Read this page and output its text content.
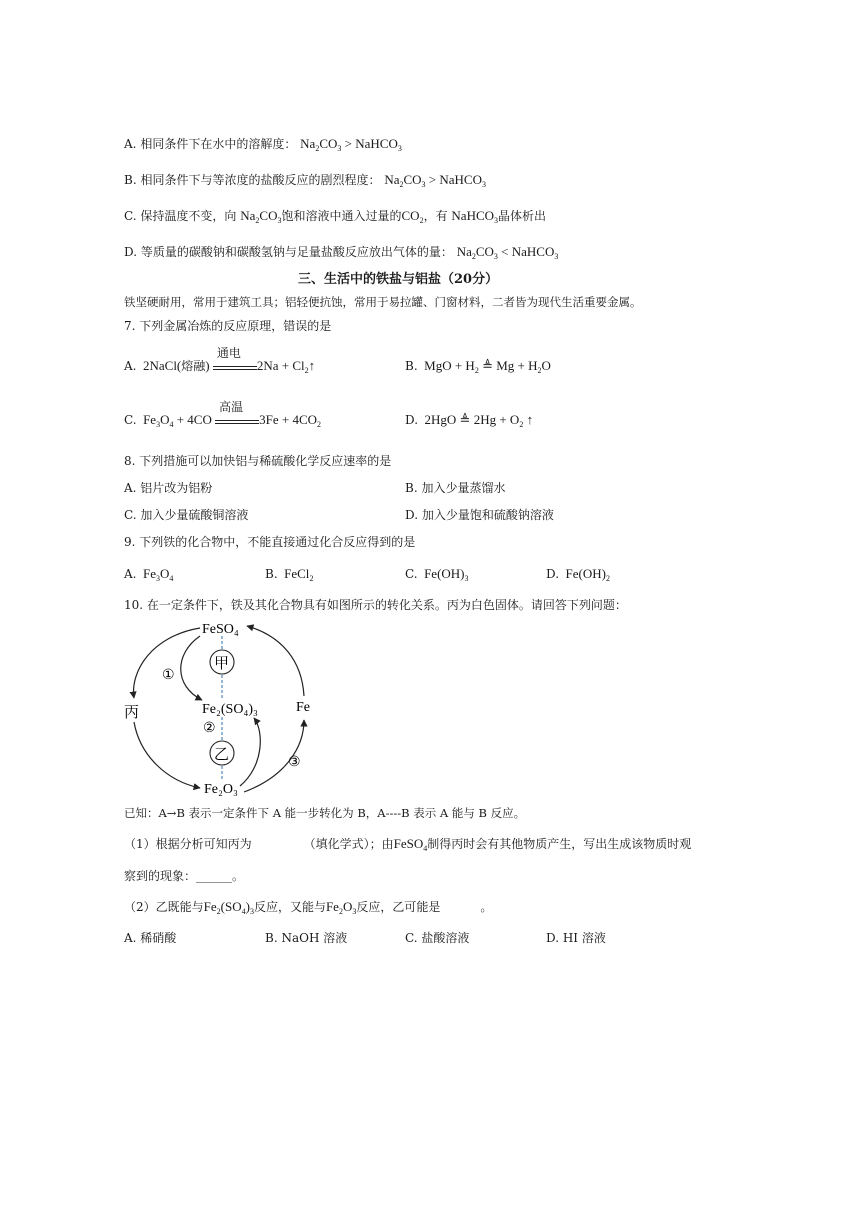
A. 相同条件下在水中的溶解度： $Na_2CO_3$ > NaHCO$_3$
B. 相同条件下与等浓度的盐酸反应的剧烈程度： $Na_2CO_3$ > NaHCO$_3$
C. 保持温度不变，向 $Na_2CO_3$饱和溶液中通入过量的$CO_2$，有 NaHCO$_3$晶体析出
D. 等质量的碳酸钠和碳酸氢钠与足量盐酸反应放出气体的量： $Na_2CO_3$ < NaHCO$_3$
三、生活中的铁盐与铝盐（20分）
铁坚硬耐用，常用于建筑工具；铝轻便抗蚀，常用于易拉罐、门窗材料，二者皆为现代生活重要金属。
7. 下列金属冶炼的反应原理，错误的是
A.  2NaCl(熔融)
通电
$2Na + Cl_2↑$	B.  MgO + $H_2$ ≜ $Mg + H_2O$
C.  $Fe_3O_4 + 4CO$
高温
$3Fe + 4CO_2$	D.  2HgO ≜ $2Hg + O_2$ ↑
8. 下列措施可以加快铝与稀硫酸化学反应速率的是
A. 铝片改为铝粉	B. 加入少量蒸馏水
C. 加入少量硫酸铜溶液	D. 加入少量饱和硫酸钠溶液
9. 下列铁的化合物中，不能直接通过化合反应得到的是
A.  $Fe_3O_4$	B.  FeCl$_2$	C.  $Fe(OH)_3$	D.  $Fe(OH)_2$
10. 在一定条件下，铁及其化合物具有如图所示的转化关系。丙为白色固体。请回答下列问题：
FeSO₄
Fe₂(SO₄)₃
Fe₂O₃
丙	Fe
甲
乙
①
②
③
已知：A→B 表示一定条件下 A 能一步转化为 B，A----B 表示 A 能与 B 反应。
（1）根据分析可知丙为	（填化学式）；由FeSO$_4$制得丙时会有其他物质产生，写出生成该物质时观
察到的现象：______。
（2）乙既能与$Fe_2(SO_4)_3$反应，又能与$Fe_2O_3$反应，乙可能是	。
A. 稀硝酸	B. NaOH 溶液	C. 盐酸溶液	D. HI 溶液
